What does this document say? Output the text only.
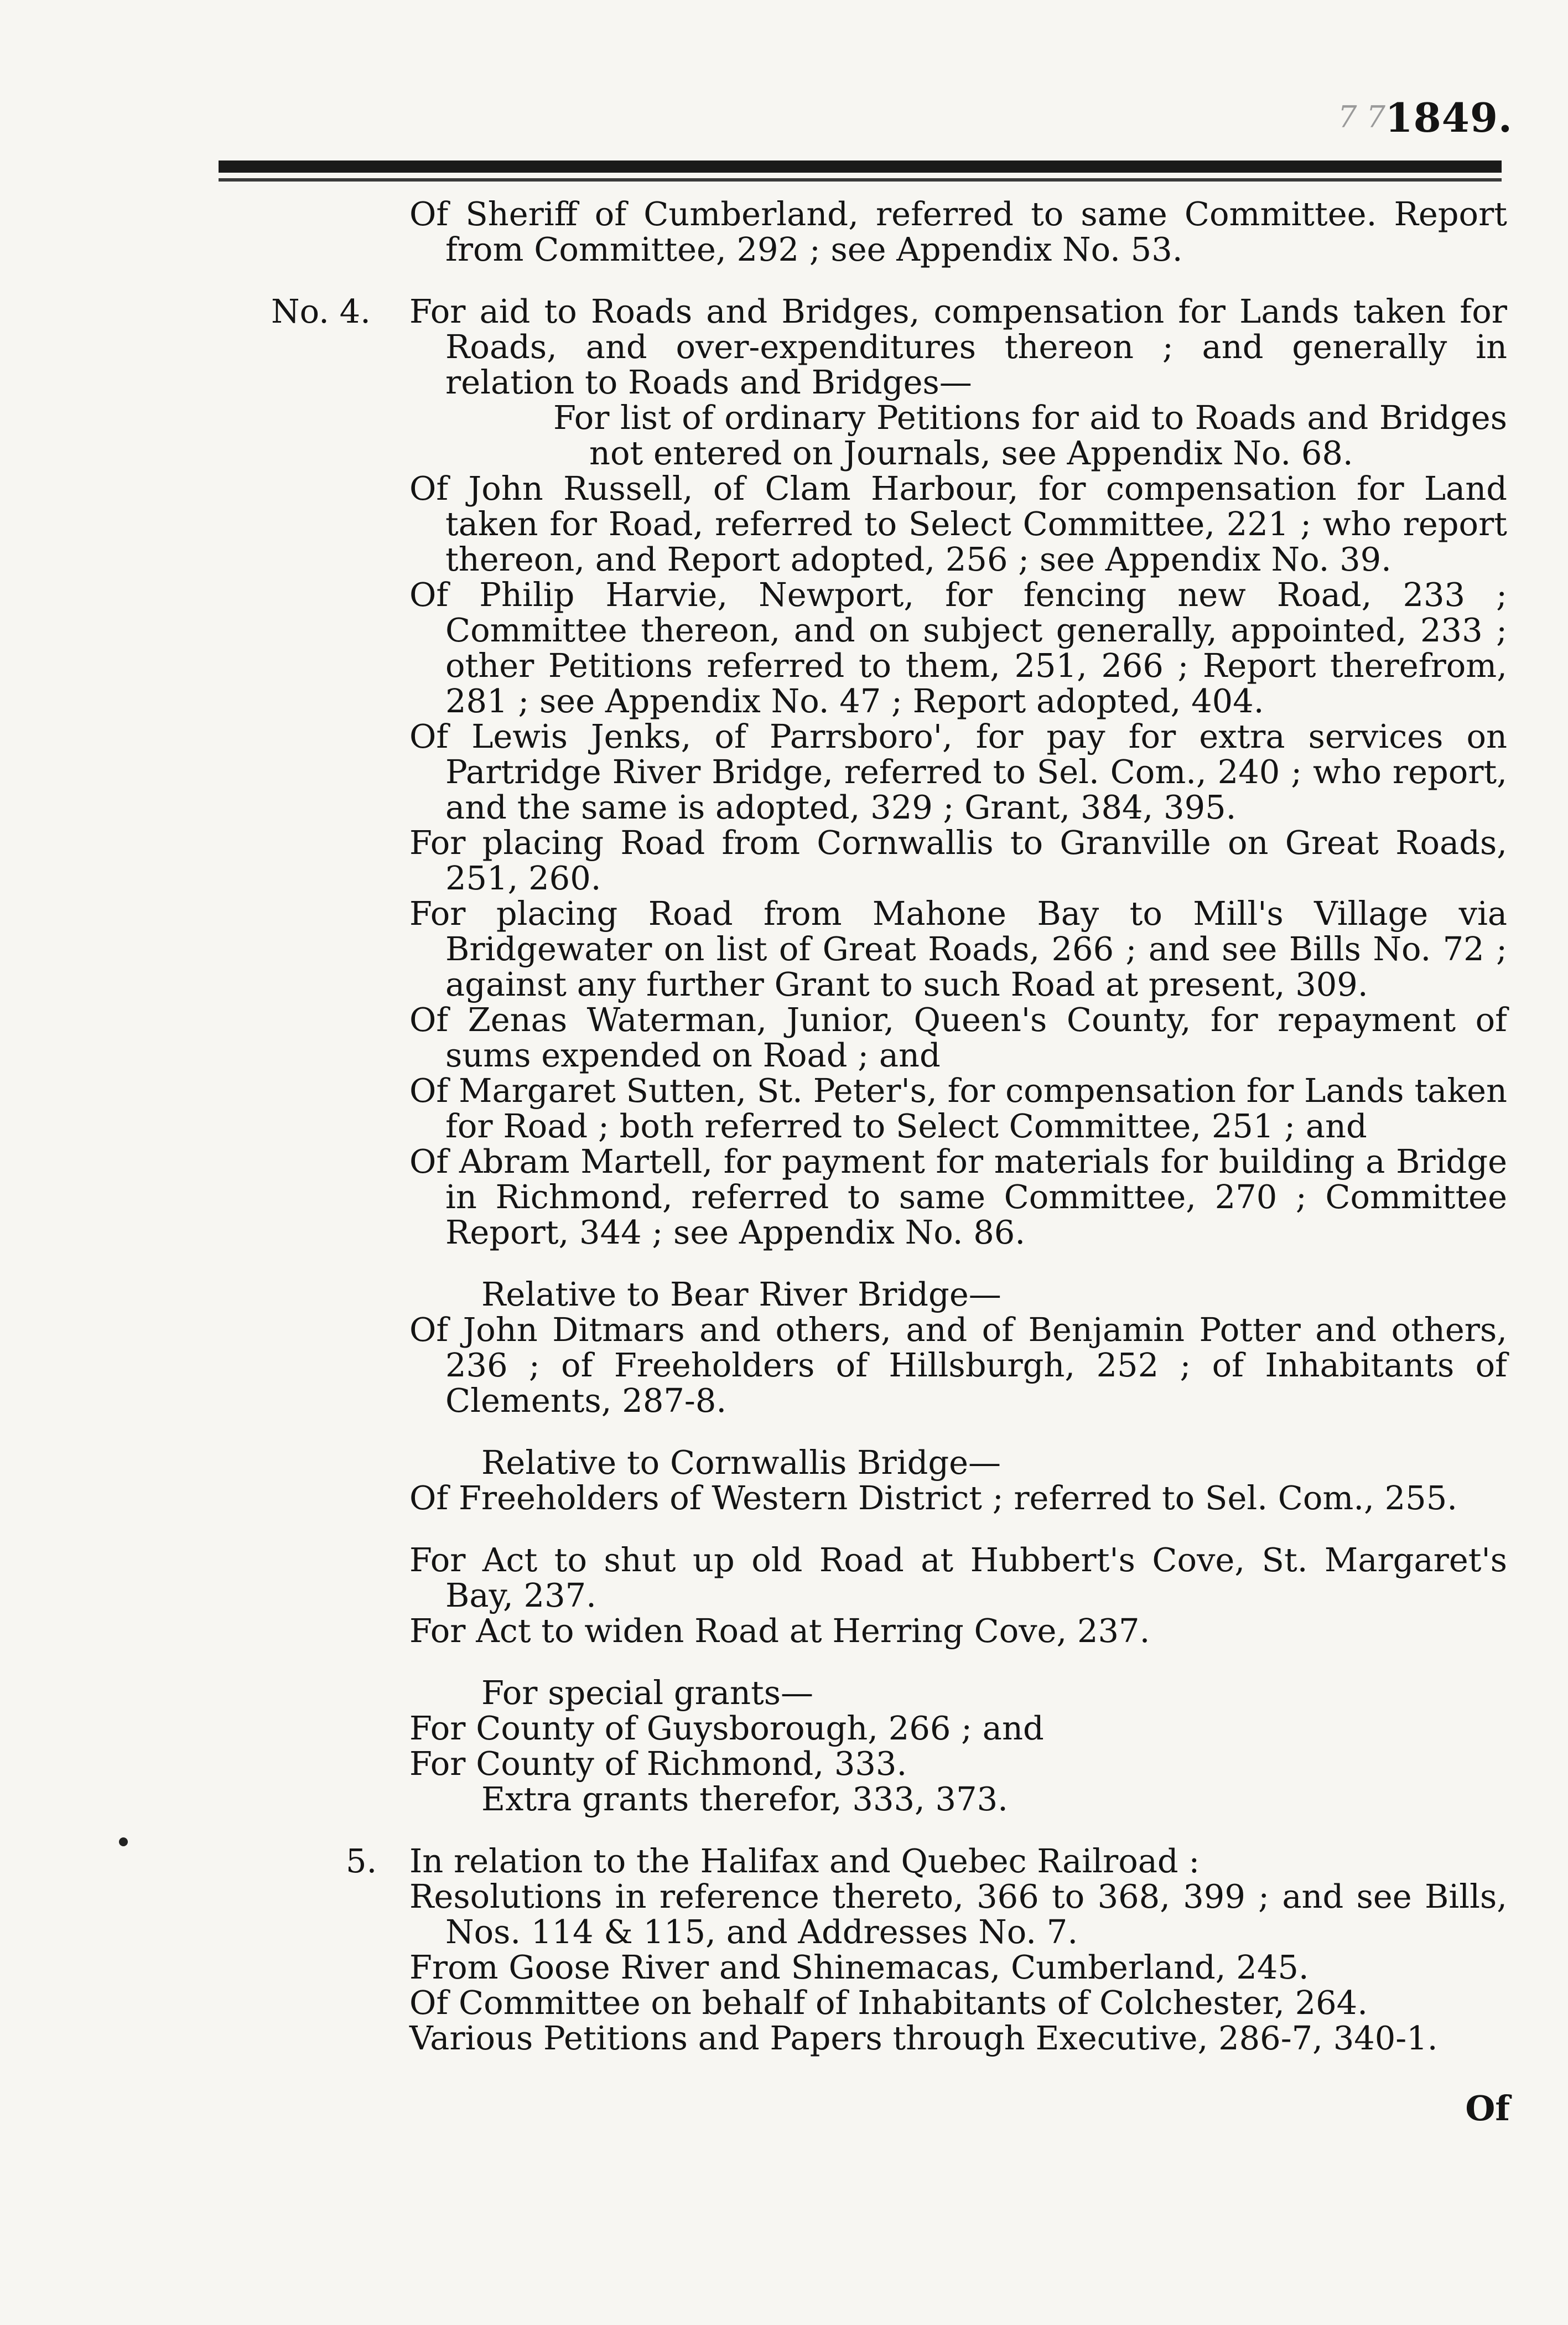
7 7 1849.
Of Sheriff of Cumberland, referred to same Committee. Report from Committee, 292 ; see Appendix No. 53.
No. 4. For aid to Roads and Bridges, compensation for Lands taken for Roads, and over-expenditures thereon ; and generally in relation to Roads and Bridges—
For list of ordinary Petitions for aid to Roads and Bridges not entered on Journals, see Appendix No. 68.
Of John Russell, of Clam Harbour, for compensation for Land taken for Road, referred to Select Committee, 221 ; who report thereon, and Report adopted, 256 ; see Appendix No. 39.
Of Philip Harvie, Newport, for fencing new Road, 233 ; Committee thereon, and on subject generally, appointed, 233 ; other Petitions referred to them, 251, 266 ; Report therefrom, 281 ; see Appendix No. 47 ; Report adopted, 404.
Of Lewis Jenks, of Parrsboro', for pay for extra services on Partridge River Bridge, referred to Sel. Com., 240 ; who report, and the same is adopted, 329 ; Grant, 384, 395.
For placing Road from Cornwallis to Granville on Great Roads, 251, 260.
For placing Road from Mahone Bay to Mill's Village via Bridgewater on list of Great Roads, 266 ; and see Bills No. 72 ; against any further Grant to such Road at present, 309.
Of Zenas Waterman, Junior, Queen's County, for repayment of sums expended on Road ; and
Of Margaret Sutten, St. Peter's, for compensation for Lands taken for Road ; both referred to Select Committee, 251 ; and
Of Abram Martell, for payment for materials for building a Bridge in Richmond, referred to same Committee, 270 ; Committee Report, 344 ; see Appendix No. 86.
Relative to Bear River Bridge—
Of John Ditmars and others, and of Benjamin Potter and others, 236 ; of Freeholders of Hillsburgh, 252 ; of Inhabitants of Clements, 287-8.
Relative to Cornwallis Bridge—
Of Freeholders of Western District ; referred to Sel. Com., 255.
For Act to shut up old Road at Hubbert's Cove, St. Margaret's Bay, 237.
For Act to widen Road at Herring Cove, 237.
For special grants—
For County of Guysborough, 266 ; and
For County of Richmond, 333.
Extra grants therefor, 333, 373.
5. In relation to the Halifax and Quebec Railroad :
Resolutions in reference thereto, 366 to 368, 399 ; and see Bills, Nos. 114 & 115, and Addresses No. 7.
From Goose River and Shinemacas, Cumberland, 245.
Of Committee on behalf of Inhabitants of Colchester, 264.
Various Petitions and Papers through Executive, 286-7, 340-1.
Of
